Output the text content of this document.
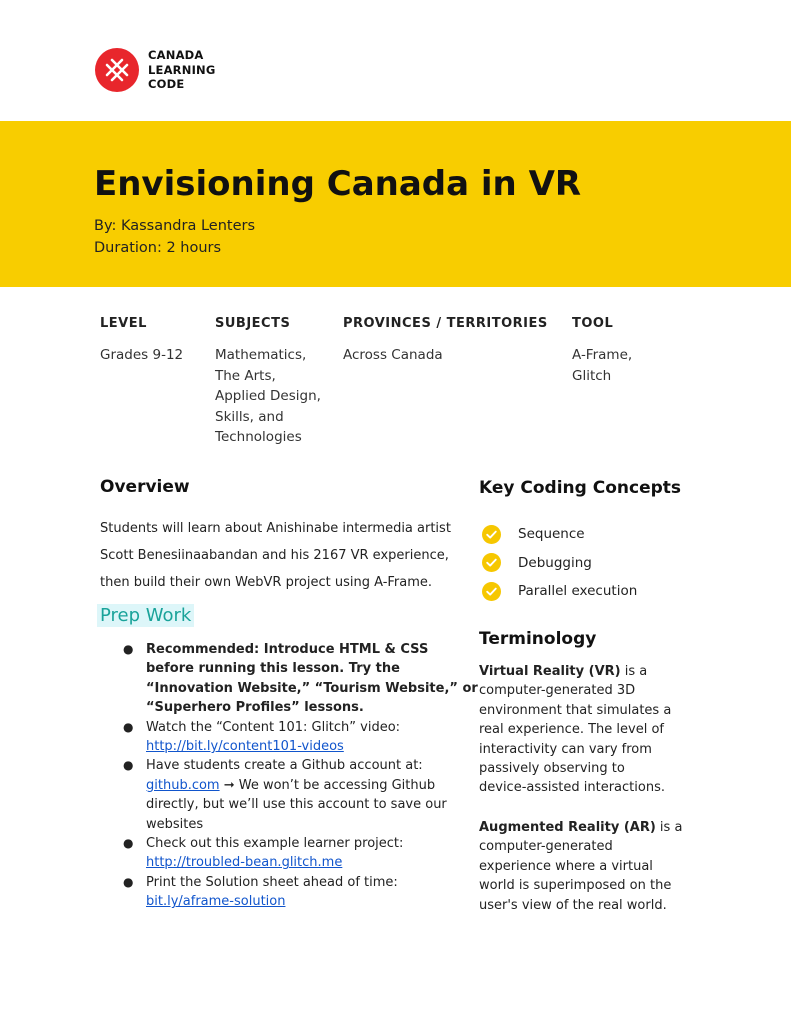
CANADA
LEARNING
CODE
Envisioning Canada in VR
By: Kassandra Lenters
Duration: 2 hours
LEVEL
Grades 9-12
SUBJECTS
Mathematics,
The Arts,
Applied Design,
Skills, and
Technologies
PROVINCES / TERRITORIES
Across Canada
TOOL
A-Frame,
Glitch
Overview
Students will learn about Anishinabe intermedia artist
Scott Benesiinaabandan and his 2167 VR experience,
then build their own WebVR project using A-Frame.
Prep Work
● Recommended: Introduce HTML & CSS
before running this lesson. Try the
“Innovation Website,” “Tourism Website,” or
“Superhero Profiles” lessons.
● Watch the “Content 101: Glitch” video:
http://bit.ly/content101-videos
● Have students create a Github account at:
github.com ➞ We won’t be accessing Github
directly, but we’ll use this account to save our
websites
● Check out this example learner project:
http://troubled-bean.glitch.me
● Print the Solution sheet ahead of time:
bit.ly/aframe-solution
Key Coding Concepts
Sequence
Debugging
Parallel execution
Terminology
Virtual Reality (VR) is a
computer-generated 3D
environment that simulates a
real experience. The level of
interactivity can vary from
passively observing to
device-assisted interactions.
Augmented Reality (AR) is a
computer-generated
experience where a virtual
world is superimposed on the
user's view of the real world.
